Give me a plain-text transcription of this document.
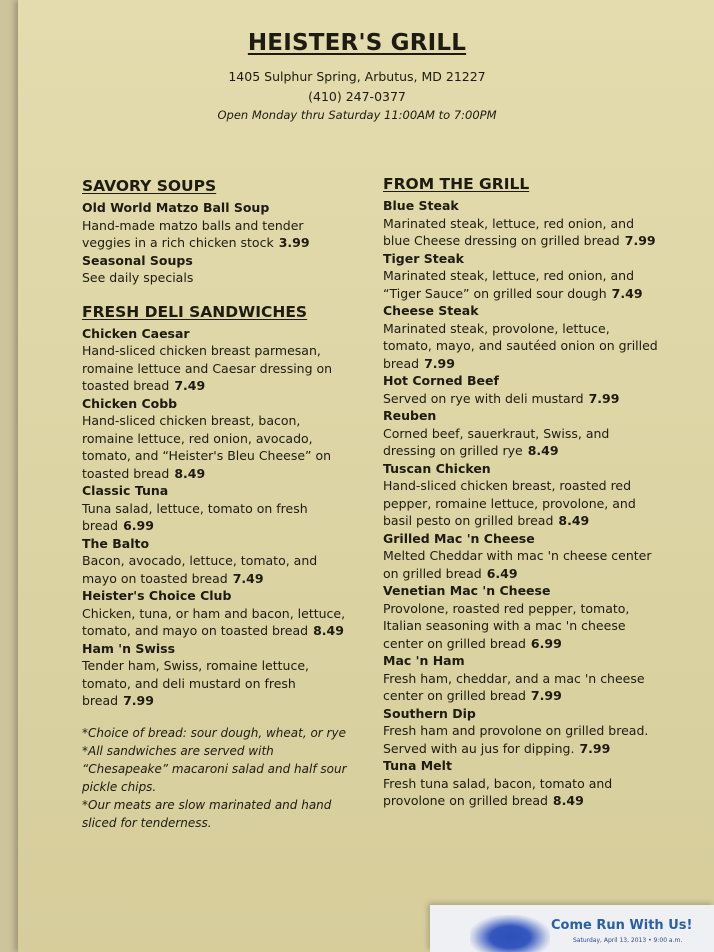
HEISTER'S GRILL
1405 Sulphur Spring, Arbutus, MD 21227
(410) 247-0377
Open Monday thru Saturday 11:00AM to 7:00PM
SAVORY SOUPS
Old World Matzo Ball Soup
Hand-made matzo balls and tender veggies in a rich chicken stock 3.99
Seasonal Soups
See daily specials
FRESH DELI SANDWICHES
Chicken Caesar
Hand-sliced chicken breast parmesan, romaine lettuce and Caesar dressing on toasted bread 7.49
Chicken Cobb
Hand-sliced chicken breast, bacon, romaine lettuce, red onion, avocado, tomato, and “Heister's Bleu Cheese” on toasted bread 8.49
Classic Tuna
Tuna salad, lettuce, tomato on fresh bread 6.99
The Balto
Bacon, avocado, lettuce, tomato, and mayo on toasted bread 7.49
Heister's Choice Club
Chicken, tuna, or ham and bacon, lettuce, tomato, and mayo on toasted bread 8.49
Ham 'n Swiss
Tender ham, Swiss, romaine lettuce, tomato, and deli mustard on fresh bread 7.99
*Choice of bread: sour dough, wheat, or rye
*All sandwiches are served with “Chesapeake” macaroni salad and half sour pickle chips.
*Our meats are slow marinated and hand sliced for tenderness.
FROM THE GRILL
Blue Steak
Marinated steak, lettuce, red onion, and blue Cheese dressing on grilled bread 7.99
Tiger Steak
Marinated steak, lettuce, red onion, and “Tiger Sauce” on grilled sour dough 7.49
Cheese Steak
Marinated steak, provolone, lettuce, tomato, mayo, and sautéed onion on grilled bread 7.99
Hot Corned Beef
Served on rye with deli mustard 7.99
Reuben
Corned beef, sauerkraut, Swiss, and dressing on grilled rye 8.49
Tuscan Chicken
Hand-sliced chicken breast, roasted red pepper, romaine lettuce, provolone, and basil pesto on grilled bread 8.49
Grilled Mac 'n Cheese
Melted Cheddar with mac 'n cheese center on grilled bread 6.49
Venetian Mac 'n Cheese
Provolone, roasted red pepper, tomato, Italian seasoning with a mac 'n cheese center on grilled bread 6.99
Mac 'n Ham
Fresh ham, cheddar, and a mac 'n cheese center on grilled bread 7.99
Southern Dip
Fresh ham and provolone on grilled bread. Served with au jus for dipping. 7.99
Tuna Melt
Fresh tuna salad, bacon, tomato and provolone on grilled bread 8.49
Come Run With Us!
Saturday, April 13, 2013 • 9:00 a.m.
